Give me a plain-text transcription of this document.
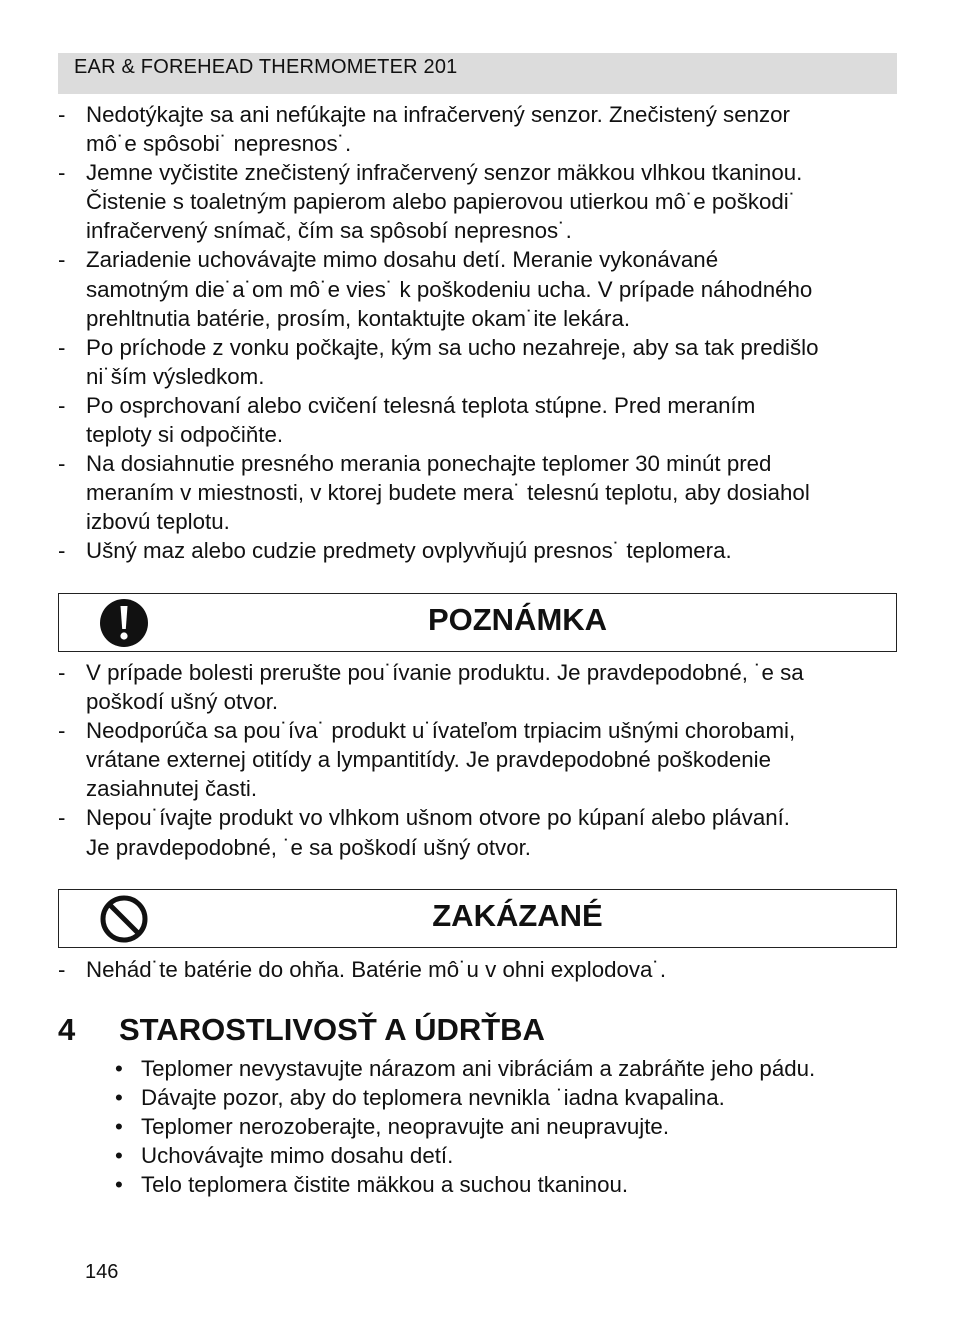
EAR & FOREHEAD THERMOMETER 201
- Nedotýkajte sa ani nefúkajte na infračervený senzor. Znečistený senzor
mô˙e spôsobi˙ nepresnos˙.
- Jemne vyčistite znečistený infračervený senzor mäkkou vlhkou tkaninou.
Čistenie s toaletným papierom alebo papierovou utierkou mô˙e poškodi˙
infračervený snímač, čím sa spôsobí nepresnos˙.
- Zariadenie uchovávajte mimo dosahu detí. Meranie vykonávané
samotným die˙a˙om mô˙e vies˙ k poškodeniu ucha. V prípade náhodného
prehltnutia batérie, prosím, kontaktujte okam˙ite lekára.
- Po príchode z vonku počkajte, kým sa ucho nezahreje, aby sa tak predišlo
ni˙ším výsledkom.
- Po osprchovaní alebo cvičení telesná teplota stúpne. Pred meraním
teploty si odpočiňte.
- Na dosiahnutie presného merania ponechajte teplomer 30 minút pred
meraním v miestnosti, v ktorej budete mera˙ telesnú teplotu, aby dosiahol
izbovú teplotu.
- Ušný maz alebo cudzie predmety ovplyvňujú presnos˙ teplomera.
POZNÁMKA
- V prípade bolesti prerušte pou˙ívanie produktu. Je pravdepodobné, ˙e sa
poškodí ušný otvor.
- Neodporúča sa pou˙íva˙ produkt u˙ívateľom trpiacim ušnými chorobami,
vrátane externej otitídy a lympantitídy. Je pravdepodobné poškodenie
zasiahnutej časti.
- Nepou˙ívajte produkt vo vlhkom ušnom otvore po kúpaní alebo plávaní.
Je pravdepodobné, ˙e sa poškodí ušný otvor.
ZAKÁZANÉ
- Nehád˙te batérie do ohňa. Batérie mô˙u v ohni explodova˙.
4 STAROSTLIVOSŤ A ÚDRŤBA
• Teplomer nevystavujte nárazom ani vibráciám a zabráňte jeho pádu.
• Dávajte pozor, aby do teplomera nevnikla ˙iadna kvapalina.
• Teplomer nerozoberajte, neopravujte ani neupravujte.
• Uchovávajte mimo dosahu detí.
• Telo teplomera čistite mäkkou a suchou tkaninou.
146
